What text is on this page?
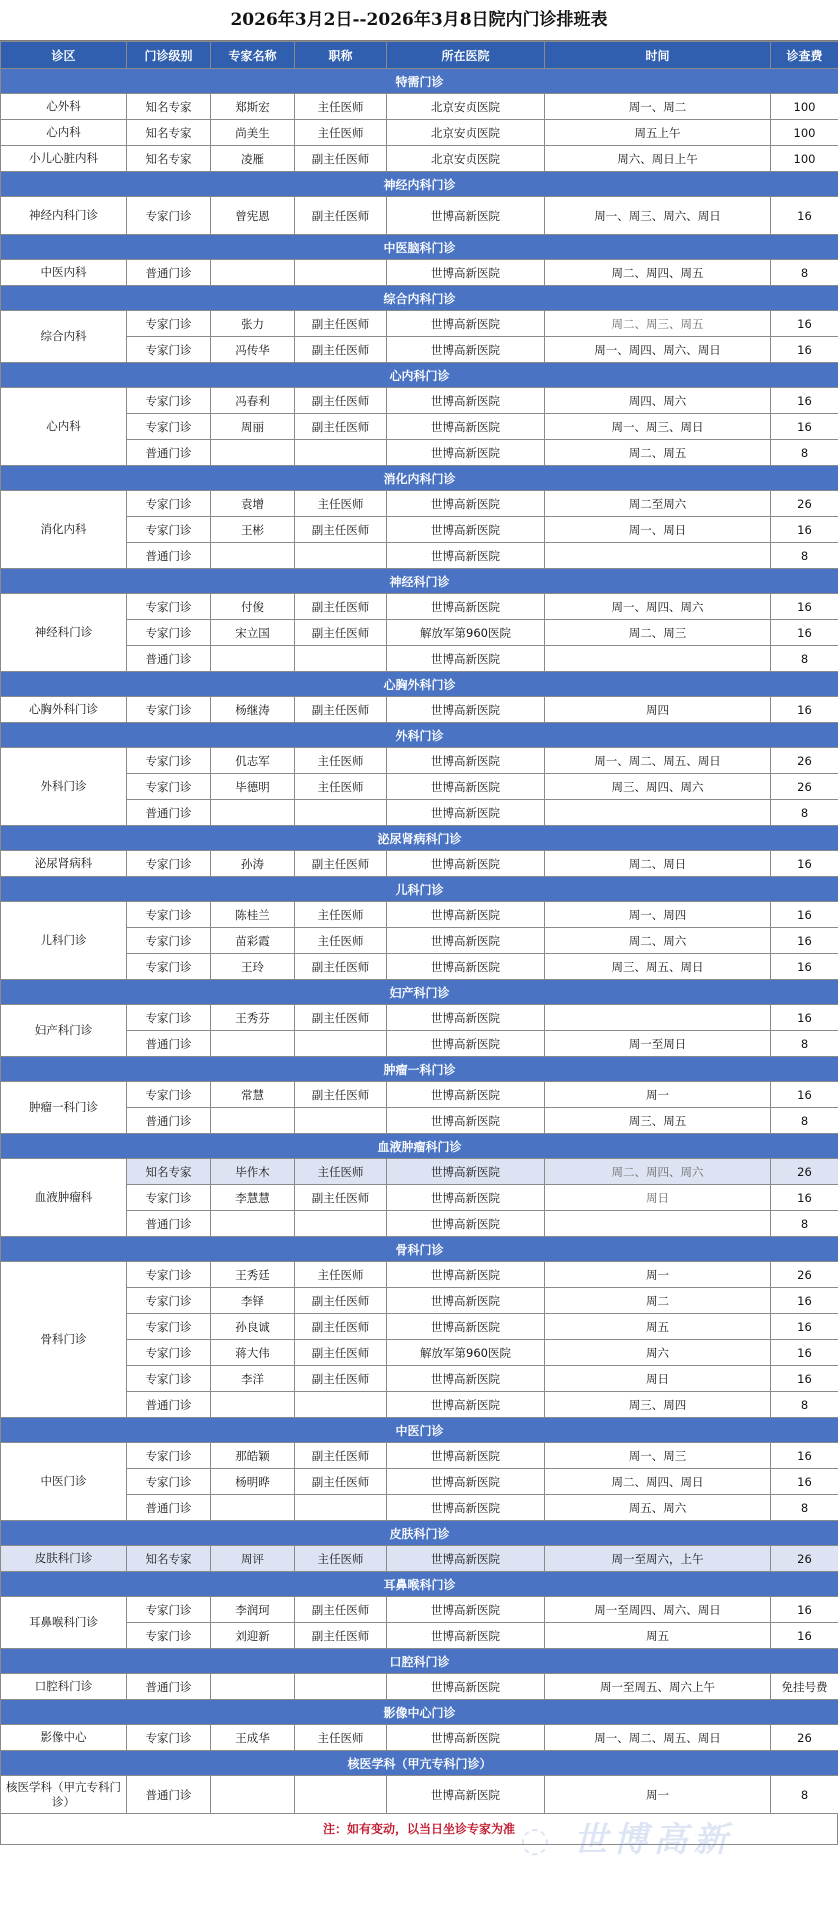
2026年3月2日--2026年3月8日院内门诊排班表
诊区	门诊级别	专家名称	职称	所在医院	时间	诊查费
特需门诊						
心外科	知名专家	郑斯宏	主任医师	北京安贞医院	周一、周二	100
心内科	知名专家	尚美生	主任医师	北京安贞医院	周五上午	100
小儿心脏内科	知名专家	凌雁	副主任医师	北京安贞医院	周六、周日上午	100
神经内科门诊						
神经内科门诊	专家门诊	曾宪恩	副主任医师	世博高新医院	周一、周三、周六、周日	16
中医脑科门诊						
中医内科	普通门诊			世博高新医院	周二、周四、周五	8
综合内科门诊						
综合内科	专家门诊	张力	副主任医师	世博高新医院	周二、周三、周五	16
	专家门诊	冯传华	副主任医师	世博高新医院	周一、周四、周六、周日	16
心内科门诊						
心内科	专家门诊	冯春利	副主任医师	世博高新医院	周四、周六	16
	专家门诊	周丽	副主任医师	世博高新医院	周一、周三、周日	16
	普通门诊			世博高新医院	周二、周五	8
消化内科门诊						
消化内科	专家门诊	袁增	主任医师	世博高新医院	周二至周六	26
	专家门诊	王彬	副主任医师	世博高新医院	周一、周日	16
	普通门诊			世博高新医院		8
神经科门诊						
神经科门诊	专家门诊	付俊	副主任医师	世博高新医院	周一、周四、周六	16
	专家门诊	宋立国	副主任医师	解放军第960医院	周二、周三	16
	普通门诊			世博高新医院		8
心胸外科门诊						
心胸外科门诊	专家门诊	杨继涛	副主任医师	世博高新医院	周四	16
外科门诊						
外科门诊	专家门诊	仉志军	主任医师	世博高新医院	周一、周二、周五、周日	26
	专家门诊	毕德明	主任医师	世博高新医院	周三、周四、周六	26
	普通门诊			世博高新医院		8
泌尿肾病科门诊						
泌尿肾病科	专家门诊	孙涛	副主任医师	世博高新医院	周二、周日	16
儿科门诊						
儿科门诊	专家门诊	陈桂兰	主任医师	世博高新医院	周一、周四	16
	专家门诊	苗彩霞	主任医师	世博高新医院	周二、周六	16
	专家门诊	王玲	副主任医师	世博高新医院	周三、周五、周日	16
妇产科门诊						
妇产科门诊	专家门诊	王秀芬	副主任医师	世博高新医院		16
	普通门诊			世博高新医院	周一至周日	8
肿瘤一科门诊						
肿瘤一科门诊	专家门诊	常慧	副主任医师	世博高新医院	周一	16
	普通门诊			世博高新医院	周三、周五	8
血液肿瘤科门诊						
血液肿瘤科	知名专家	毕作木	主任医师	世博高新医院	周二、周四、周六	26
	专家门诊	李慧慧	副主任医师	世博高新医院	周日	16
	普通门诊			世博高新医院		8
骨科门诊						
骨科门诊	专家门诊	王秀廷	主任医师	世博高新医院	周一	26
	专家门诊	李铎	副主任医师	世博高新医院	周二	16
	专家门诊	孙良诚	副主任医师	世博高新医院	周五	16
	专家门诊	蒋大伟	副主任医师	解放军第960医院	周六	16
	专家门诊	李洋	副主任医师	世博高新医院	周日	16
	普通门诊			世博高新医院	周三、周四	8
中医门诊						
中医门诊	专家门诊	那皓颖	副主任医师	世博高新医院	周一、周三	16
	专家门诊	杨明晔	副主任医师	世博高新医院	周二、周四、周日	16
	普通门诊			世博高新医院	周五、周六	8
皮肤科门诊						
皮肤科门诊	知名专家	周评	主任医师	世博高新医院	周一至周六，上午	26
耳鼻喉科门诊						
耳鼻喉科门诊	专家门诊	李润珂	副主任医师	世博高新医院	周一至周四、周六、周日	16
	专家门诊	刘迎新	副主任医师	世博高新医院	周五	16
口腔科门诊						
口腔科门诊	普通门诊			世博高新医院	周一至周五、周六上午	免挂号费
影像中心门诊						
影像中心	专家门诊	王成华	主任医师	世博高新医院	周一、周二、周五、周日	26
核医学科（甲亢专科门诊）						
核医学科（甲亢专科门诊）	普通门诊			世博高新医院	周一	8
注：如有变动，以当日坐诊专家为准 ◌ 世博高新
